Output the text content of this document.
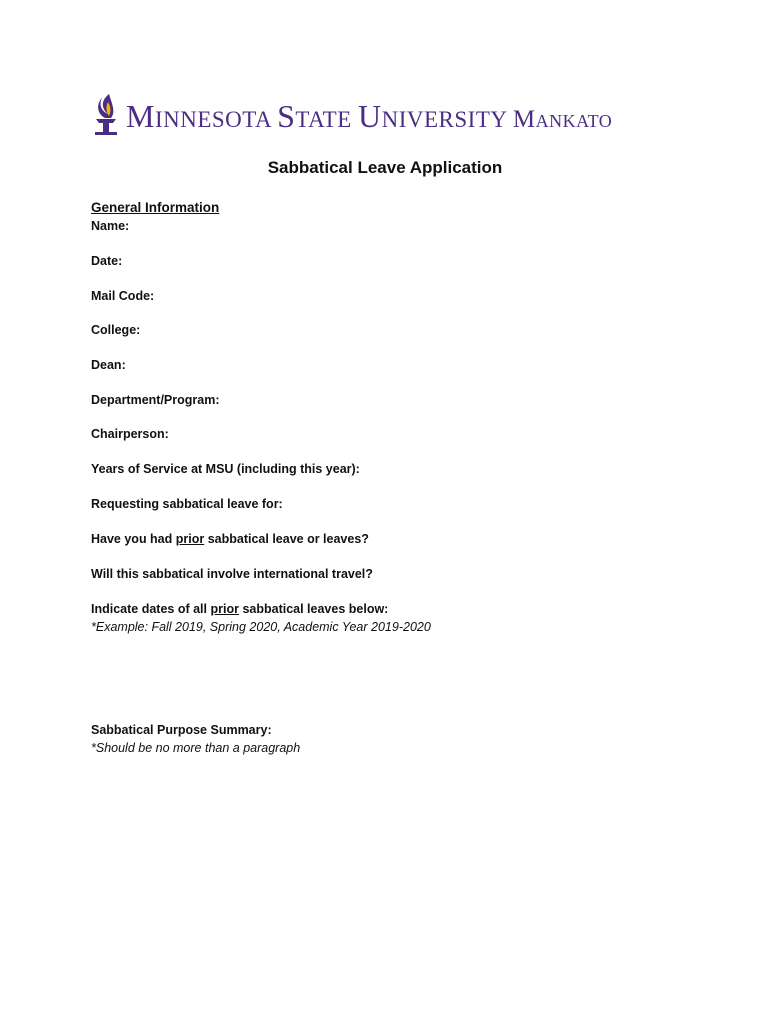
MINNESOTA STATE UNIVERSITY MANKATO
Sabbatical Leave Application
General Information
Name:
Date:
Mail Code:
College:
Dean:
Department/Program:
Chairperson:
Years of Service at MSU (including this year):
Requesting sabbatical leave for:
Have you had prior sabbatical leave or leaves?
Will this sabbatical involve international travel?
Indicate dates of all prior sabbatical leaves below:
*Example: Fall 2019, Spring 2020, Academic Year 2019-2020
Sabbatical Purpose Summary:
*Should be no more than a paragraph
